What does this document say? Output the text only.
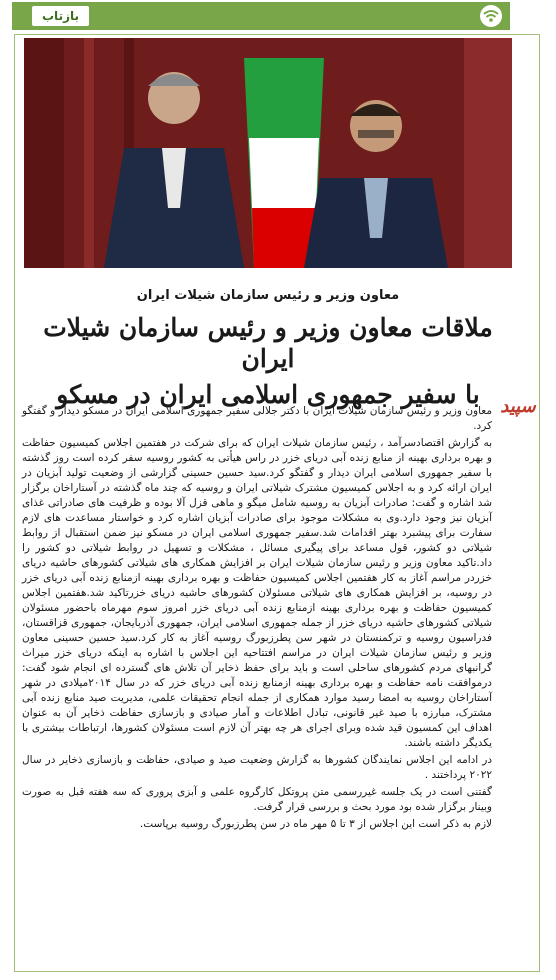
بازتاب
معاون وزیر و رئیس سازمان شیلات ایران
ملاقات معاون وزیر و رئیس سازمان شیلات ایران
با سفیر جمهوری اسلامی ایران در مسکو	سپید

معاون وزیر و رئیس سازمان شیلات ایران با دکتر جلالی سفیر جمهوری اسلامی ایران در مسکو دیدار و گفتگو کرد.

به گزارش اقتصادسرآمد ، رئیس سازمان شیلات ایران که برای شرکت در هفتمین اجلاس کمیسیون حفاظت و بهره برداری بهینه از منابع زنده آبی دریای خزر در راس هیأتی به کشور روسیه سفر کرده است روز گذشته با سفیر جمهوری اسلامی ایران دیدار و گفتگو کرد.سید حسین حسینی گزارشی از وضعیت تولید آبزیان در ایران ارائه کرد و به اجلاس کمیسیون مشترک شیلاتی ایران و روسیه که چند ماه گذشته در آستاراخان برگزار شد اشاره و گفت: صادرات آبزیان به روسیه شامل میگو و ماهی قزل آلا بوده و ظرفیت های صادراتی غذای آبزیان نیز وجود دارد.وی به مشکلات موجود برای صادرات آبزیان اشاره کرد و خواستار مساعدت های لازم سفارت برای پیشبرد بهتر اقدامات شد.سفیر جمهوری اسلامی ایران در مسکو نیز ضمن استقبال از روابط شیلاتی دو کشور، قول مساعد برای پیگیری مسائل ، مشکلات و تسهیل در روابط شیلاتی دو کشور را داد.تاکید معاون وزیر و رئیس سازمان شیلات ایران بر افزایش همکاری های شیلاتی کشورهای حاشیه دریای خزردر مراسم آغاز به کار هفتمین اجلاس کمیسیون حفاظت و بهره برداری بهینه ازمنابع زنده آبی دریای خزر در روسیه، بر افزایش همکاری های شیلاتی مسئولان کشورهای حاشیه دریای خزرتاکید شد.هفتمین اجلاس کمیسیون حفاظت و بهره برداری بهینه ازمنابع زنده آبی دریای خزر امروز سوم مهرماه باحضور مسئولان شیلاتی کشورهای حاشیه دریای خزر از جمله جمهوری اسلامی ایران، جمهوری آذربایجان، جمهوری قزاقستان، فدراسیون روسیه و ترکمنستان در شهر سن پطرزبورگ روسیه آغاز به کار کرد.سید حسین حسینی معاون وزیر و رئیس سازمان شیلات ایران در مراسم افتتاحیه این اجلاس با اشاره به اینکه دریای خزر میراث گرانبهای مردم کشورهای ساحلی است و باید برای حفظ ذخایر آن تلاش های گسترده ای انجام شود گفت: درموافقت نامه حفاظت و بهره برداری بهینه ازمنابع زنده آبی دریای خزر که در سال ۲۰۱۴میلادی در شهر آستاراخان روسیه به امضا رسید موارد همکاری از جمله انجام تحقیقات علمی، مدیریت صید منابع زنده آبی مشترک، مبارزه با صید غیر قانونی، تبادل اطلاعات و آمار صیادی و بازسازی حفاظت ذخایر آن به عنوان اهداف این کمسیون قید شده وبرای اجرای هر چه بهتر آن لازم است مسئولان کشورها، ارتباطات بیشتری با یکدیگر داشته باشند.

در ادامه این اجلاس نمایندگان کشورها به گزارش وضعیت صید و صیادی، حفاظت و بازسازی ذخایر در سال ۲۰۲۲ پرداختند .

گفتنی است در یک جلسه غیررسمی متن پروتکل کارگروه علمی و آبزی پروری که سه هفته قبل به صورت وبینار برگزار شده بود مورد بحث و بررسی قرار گرفت.

لازم به ذکر است این اجلاس از ۳ تا ۵ مهر ماه در سن پطرزبورگ روسیه برپاست.
